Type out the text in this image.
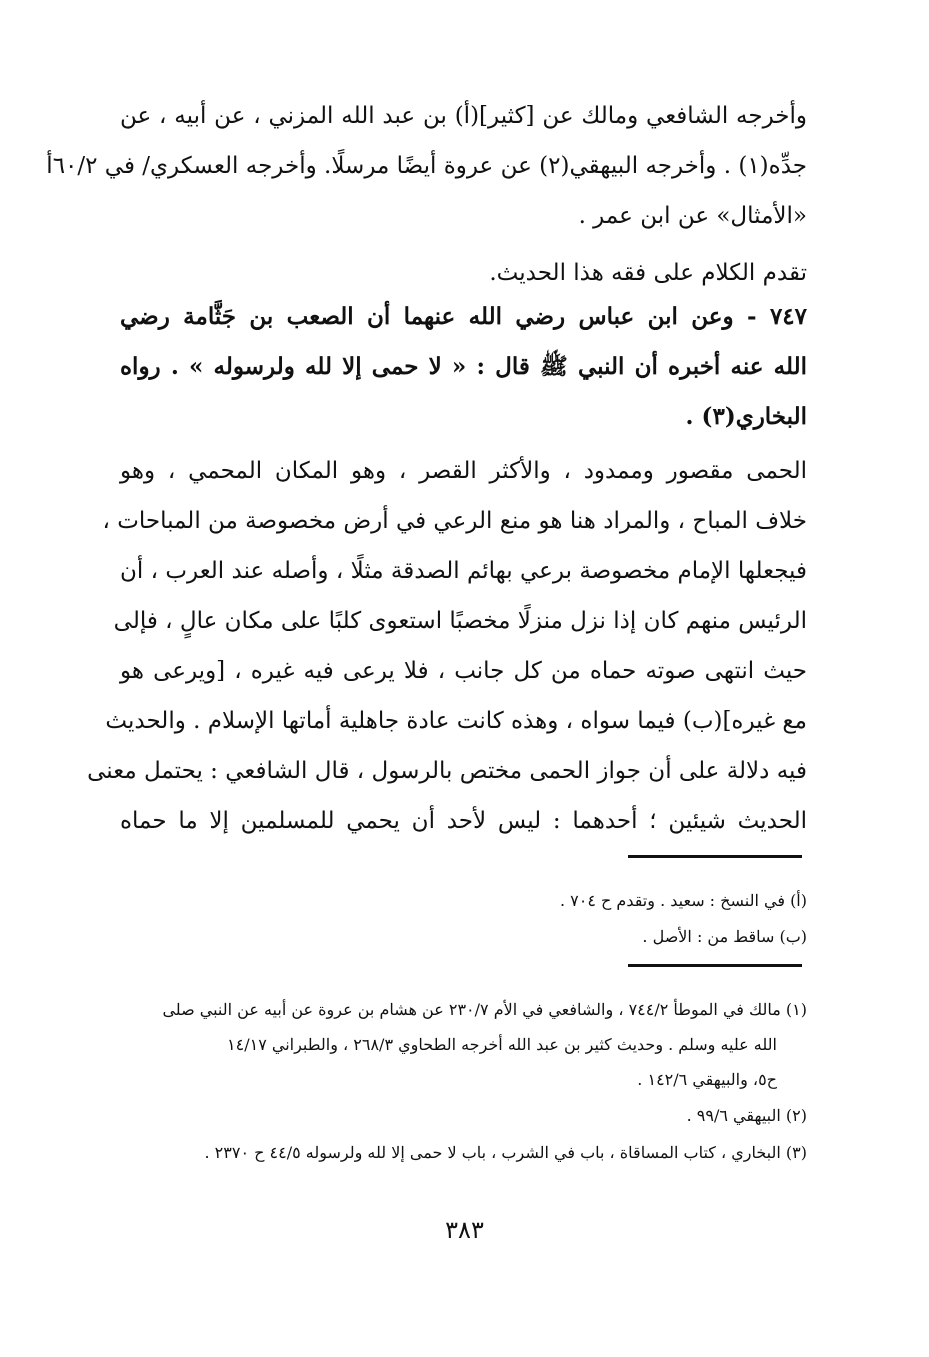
وأخرجه الشافعي ومالك عن [كثير](أ) بن عبد الله المزني ، عن أبيه ، عن
جدِّه(١) . وأخرجه البيهقي(٢) عن عروة أيضًا مرسلًا. وأخرجه العسكري/ في ٦٠/٢أ
«الأمثال» عن ابن عمر .
تقدم الكلام على فقه هذا الحديث.
٧٤٧ - وعن ابن عباس رضي الله عنهما أن الصعب بن جَثَّامة رضي
الله عنه أخبره أن النبي ﷺ قال : « لا حمى إلا لله ولرسوله » . رواه
البخاري(٣) .
الحمى مقصور وممدود ، والأكثر القصر ، وهو المكان المحمي ، وهو
خلاف المباح ، والمراد هنا هو منع الرعي في أرض مخصوصة من المباحات ،
فيجعلها الإمام مخصوصة برعي بهائم الصدقة مثلًا ، وأصله عند العرب ، أن
الرئيس منهم كان إذا نزل منزلًا مخصبًا استعوى كلبًا على مكان عالٍ ، فإلى
حيث انتهى صوته حماه من كل جانب ، فلا يرعى فيه غيره ، [ويرعى هو
مع غيره](ب) فيما سواه ، وهذه كانت عادة جاهلية أماتها الإسلام . والحديث
فيه دلالة على أن جواز الحمى مختص بالرسول ، قال الشافعي : يحتمل معنى
الحديث شيئين ؛ أحدهما : ليس لأحد أن يحمي للمسلمين إلا ما حماه
(أ) في النسخ : سعيد . وتقدم ح ٧٠٤ .
(ب) ساقط من : الأصل .
(١) مالك في الموطأ ٧٤٤/٢ ، والشافعي في الأم ٢٣٠/٧ عن هشام بن عروة عن أبيه عن النبي صلى
الله عليه وسلم . وحديث كثير بن عبد الله أخرجه الطحاوي ٢٦٨/٣ ، والطبراني ١٤/١٧
ح٥، والبيهقي ١٤٢/٦ .
(٢) البيهقي ٩٩/٦ .
(٣) البخاري ، كتاب المساقاة ، باب في الشرب ، باب لا حمى إلا لله ولرسوله ٤٤/٥ ح ٢٣٧٠ .
٣٨٣
